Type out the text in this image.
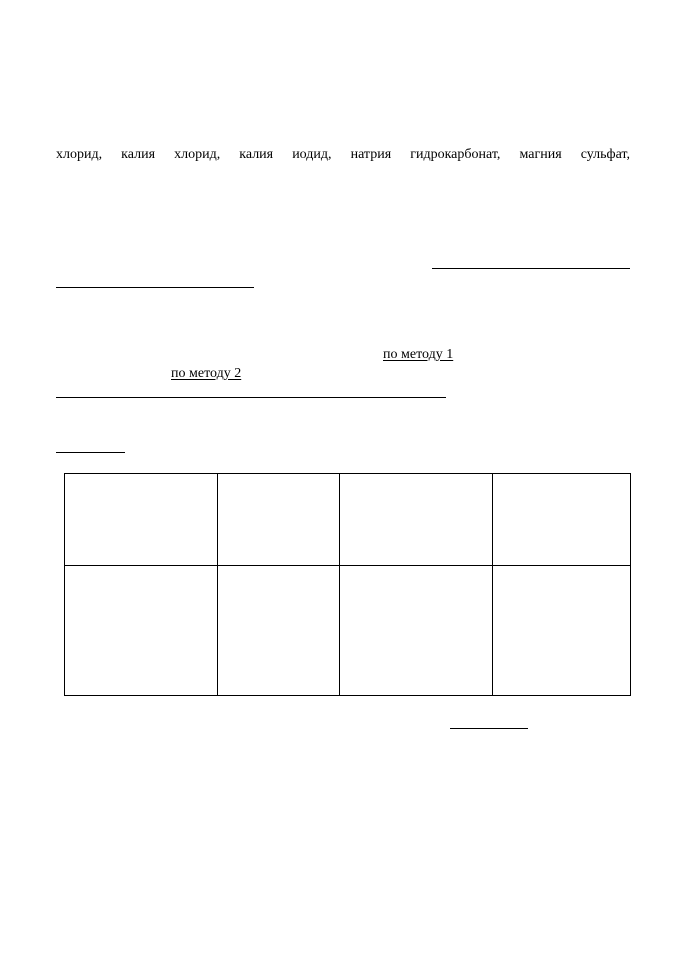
хлорид, калия хлорид, калия иодид, натрия гидрокарбонат, магния сульфат,
по методу 1
по методу 2
